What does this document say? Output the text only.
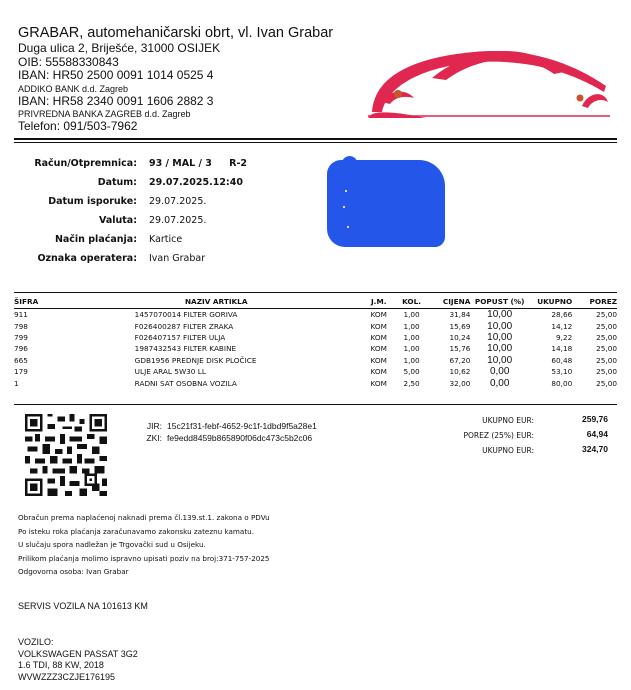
GRABAR, automehaničarski obrt, vl. Ivan Grabar
Duga ulica 2, Briješće, 31000 OSIJEK
OIB: 55588330843
IBAN: HR50 2500 0091 1014 0525 4
ADDIKO BANK d.d. Zagreb
IBAN: HR58 2340 0091 1606 2882 3
PRIVREDNA BANKA ZAGREB d.d. Zagreb
Telefon: 091/503-7962
Račun/Otpremnica: 93 / MAL / 3 R-2
Datum: 29.07.2025.12:40
Datum isporuke: 29.07.2025.
Valuta: 29.07.2025.
Način plaćanja: Kartice
Oznaka operatera: Ivan Grabar
ŠIFRA	NAZIV ARTIKLA	J.M.	KOL.	CIJENA	POPUST (%)	UKUPNO	POREZ
911	1457070014 FILTER GORIVA	KOM	1,00	31,84	10,00	28,66	25,00
798	F026400287 FILTER ZRAKA	KOM	1,00	15,69	10,00	14,12	25,00
799	F026407157 FILTER ULJA	KOM	1,00	10,24	10,00	9,22	25,00
796	1987432543 FILTER KABINE	KOM	1,00	15,76	10,00	14,18	25,00
665	GDB1956 PREDNJE DISK PLOČICE	KOM	1,00	67,20	10,00	60,48	25,00
179	ULJE ARAL 5W30 LL	KOM	5,00	10,62	0,00	53,10	25,00
1	RADNI SAT OSOBNA VOZILA	KOM	2,50	32,00	0,00	80,00	25,00
JIR: 15c21f31-febf-4652-9c1f-1dbd9f5a28e1
ZKI: fe9edd8459b865890f06dc473c5b2c06
UKUPNO EUR:	259,76
POREZ (25%) EUR:	64,94
UKUPNO EUR:	324,70
Obračun prema naplaćenoj naknadi prema čl.139.st.1. zakona o PDVu
Po isteku roka plaćanja zaračunavamo zakonsku zateznu kamatu.
U slučaju spora nadležan je Trgovački sud u Osijeku.
Prilikom plaćanja molimo ispravno upisati poziv na broj:371-757-2025
Odgovorna osoba: Ivan Grabar
SERVIS VOZILA NA 101613 KM
VOZILO:
VOLKSWAGEN PASSAT 3G2
1.6 TDI, 88 KW, 2018
WVWZZZ3CZJE176195
